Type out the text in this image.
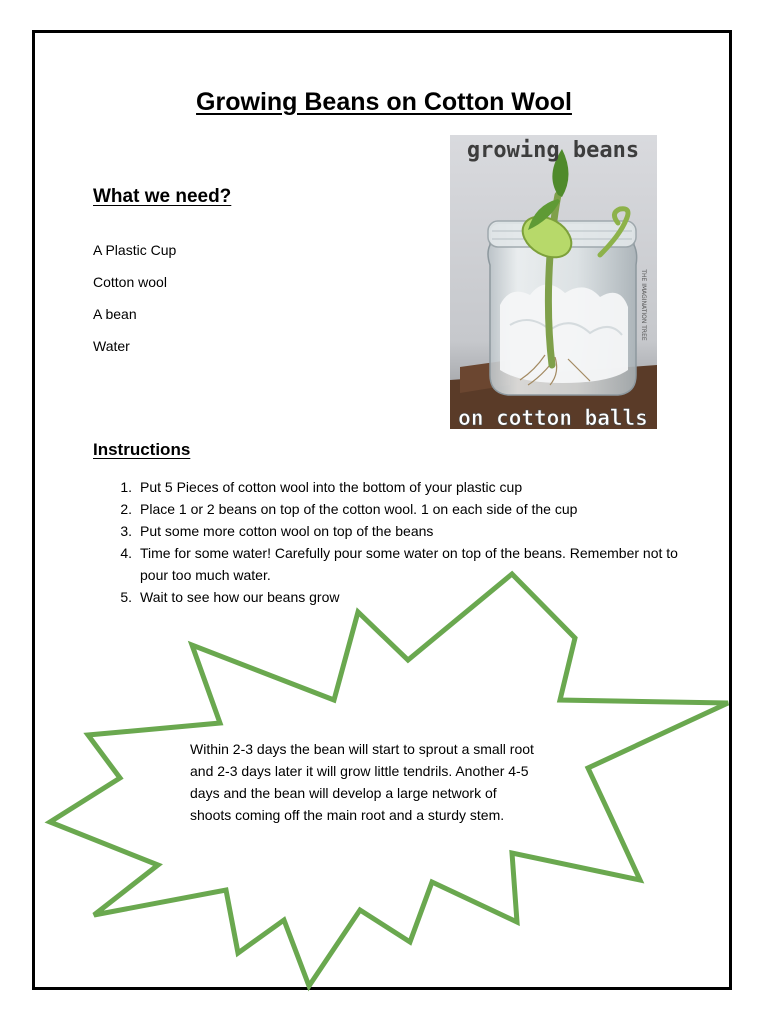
Growing Beans on Cotton Wool
What we need?
A Plastic Cup
Cotton wool
A bean
Water
growing beans
on cotton balls
THE IMAGINATION TREE
Instructions
1. Put 5 Pieces of cotton wool into the bottom of your plastic cup
2. Place 1 or 2 beans on top of the cotton wool. 1 on each side of the cup
3. Put some more cotton wool on top of the beans
4. Time for some water! Carefully pour some water on top of the beans. Remember not to pour too much water.
5. Wait to see how our beans grow
Within 2-3 days the bean will start to sprout a small root and 2-3 days later it will grow little tendrils. Another 4-5 days and the bean will develop a large network of shoots coming off the main root and a sturdy stem.
